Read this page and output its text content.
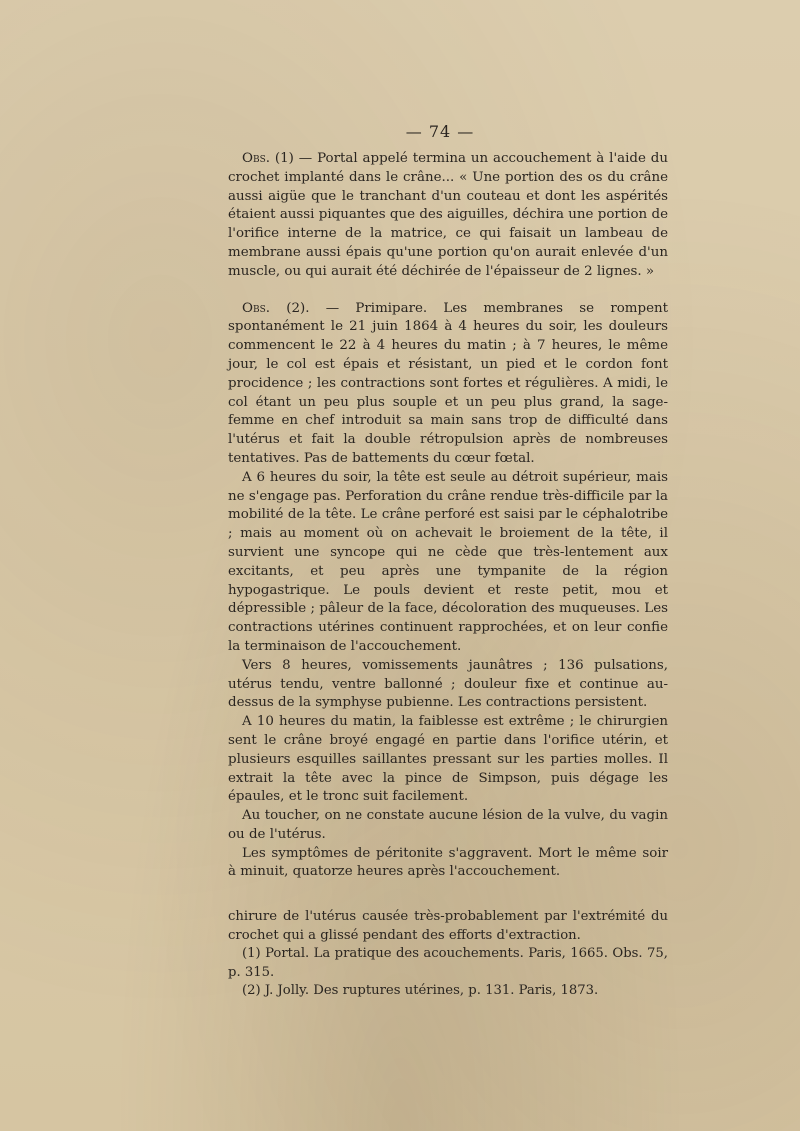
— 74 —

Obs. (1) — Portal appelé termina un accouchement à l'aide du crochet implanté dans le crâne... « Une portion des os du crâne aussi aigüe que le tranchant d'un couteau et dont les aspérités étaient aussi piquantes que des aiguilles, déchira une portion de l'orifice interne de la matrice, ce qui faisait un lambeau de membrane aussi épais qu'une portion qu'on aurait enlevée d'un muscle, ou qui aurait été déchirée de l'épaisseur de 2 lignes. »

Obs. (2). — Primipare. Les membranes se rompent spontanément le 21 juin 1864 à 4 heures du soir, les douleurs commencent le 22 à 4 heures du matin ; à 7 heures, le même jour, le col est épais et résistant, un pied et le cordon font procidence ; les contractions sont fortes et régulières. A midi, le col étant un peu plus souple et un peu plus grand, la sage-femme en chef introduit sa main sans trop de difficulté dans l'utérus et fait la double rétropulsion après de nombreuses tentatives. Pas de battements du cœur fœtal.

A 6 heures du soir, la tête est seule au détroit supérieur, mais ne s'engage pas. Perforation du crâne rendue très-difficile par la mobilité de la tête. Le crâne perforé est saisi par le céphalotribe ; mais au moment où on achevait le broiement de la tête, il survient une syncope qui ne cède que très-lentement aux excitants, et peu après une tympanite de la région hypogastrique. Le pouls devient et reste petit, mou et dépressible ; pâleur de la face, décoloration des muqueuses. Les contractions utérines continuent rapprochées, et on leur confie la terminaison de l'accouchement.

Vers 8 heures, vomissements jaunâtres ; 136 pulsations, utérus tendu, ventre ballonné ; douleur fixe et continue au-dessus de la symphyse pubienne. Les contractions persistent.

A 10 heures du matin, la faiblesse est extrême ; le chirurgien sent le crâne broyé engagé en partie dans l'orifice utérin, et plusieurs esquilles saillantes pressant sur les parties molles. Il extrait la tête avec la pince de Simpson, puis dégage les épaules, et le tronc suit facilement.

Au toucher, on ne constate aucune lésion de la vulve, du vagin ou de l'utérus.

Les symptômes de péritonite s'aggravent. Mort le même soir à minuit, quatorze heures après l'accouchement.

chirure de l'utérus causée très-probablement par l'extrémité du crochet qui a glissé pendant des efforts d'extraction.

(1) Portal. La pratique des acouchements. Paris, 1665. Obs. 75, p. 315.

(2) J. Jolly. Des ruptures utérines, p. 131. Paris, 1873.
